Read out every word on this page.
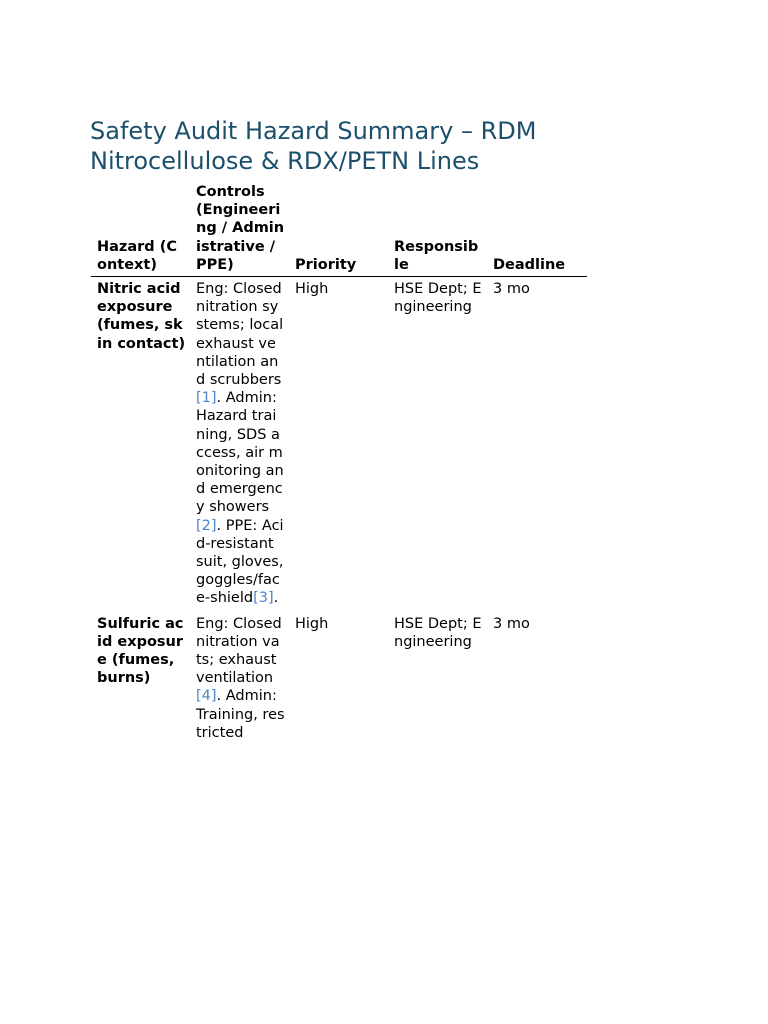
Safety Audit Hazard Summary – RDM
Nitrocellulose & RDX/PETN Lines
Hazard (Context)	Controls (Engineering / Administrative / PPE)	Priority	Responsible	Deadline
Nitric acid exposure (fumes, skin contact)	Eng: Closed nitration systems; local exhaust ventilation and scrubbers[1]. Admin: Hazard training, SDS access, air monitoring and emergency showers[2]. PPE: Acid-resistant suit, gloves, goggles/face-shield[3].	High	HSE Dept; Engineering	3 mo
Sulfuric acid exposure (fumes, burns)	Eng: Closed nitration vats; exhaust ventilation [4]. Admin: Training, restricted	High	HSE Dept; Engineering	3 mo
